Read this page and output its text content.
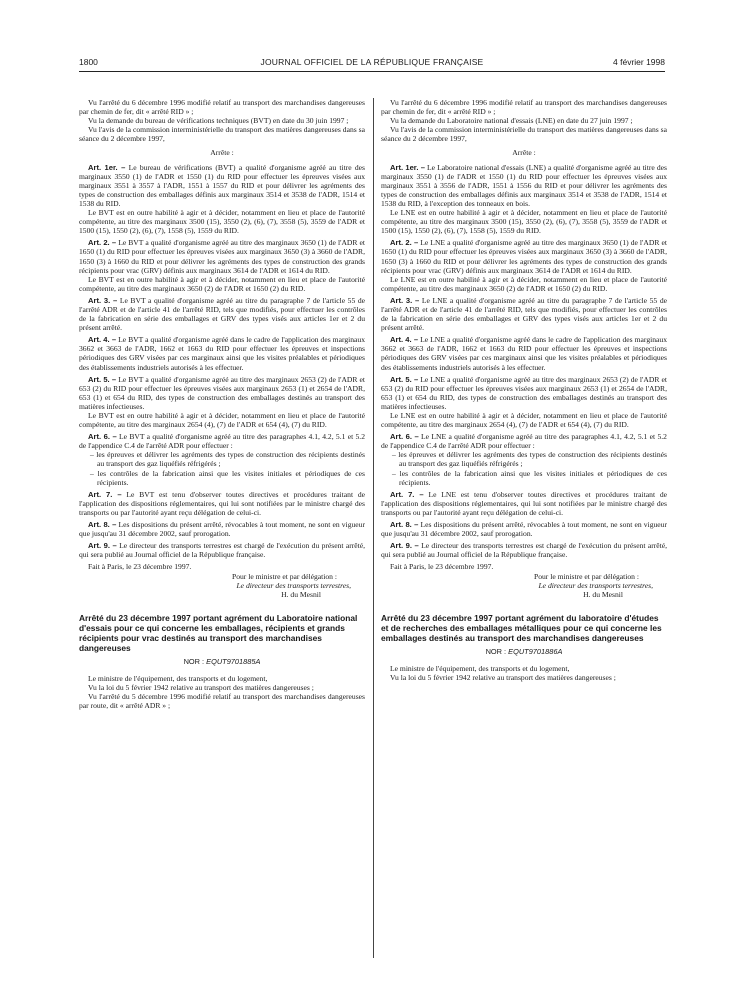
1800	JOURNAL OFFICIEL DE LA RÉPUBLIQUE FRANÇAISE	4 février 1998

Vu l'arrêté du 6 décembre 1996 modifié relatif au transport des marchandises dangereuses par chemin de fer, dit « arrêté RID » ;

Vu la demande du bureau de vérifications techniques (BVT) en date du 30 juin 1997 ;

Vu l'avis de la commission interministérielle du transport des matières dangereuses dans sa séance du 2 décembre 1997,

Arrête :

Art. 1er. – Le bureau de vérifications (BVT) a qualité d'organisme agréé au titre des marginaux 3550 (1) de l'ADR et 1550 (1) du RID pour effectuer les épreuves visées aux marginaux 3551 à 3557 à l'ADR, 1551 à 1557 du RID et pour délivrer les agréments des types de construction des emballages définis aux marginaux 3514 et 3538 de l'ADR, 1514 et 1538 du RID.

Le BVT est en outre habilité à agir et à décider, notamment en lieu et place de l'autorité compétente, au titre des marginaux 3500 (15), 3550 (2), (6), (7), 3558 (5), 3559 de l'ADR et 1500 (15), 1550 (2), (6), (7), 1558 (5), 1559 du RID.

Art. 2. – Le BVT a qualité d'organisme agréé au titre des marginaux 3650 (1) de l'ADR et 1650 (1) du RID pour effectuer les épreuves visées aux marginaux 3650 (3) à 3660 de l'ADR, 1650 (3) à 1660 du RID et pour délivrer les agréments des types de construction des grands récipients pour vrac (GRV) définis aux marginaux 3614 de l'ADR et 1614 du RID.

Le BVT est en outre habilité à agir et à décider, notamment en lieu et place de l'autorité compétente, au titre des marginaux 3650 (2) de l'ADR et 1650 (2) du RID.

Art. 3. – Le BVT a qualité d'organisme agréé au titre du paragraphe 7 de l'article 55 de l'arrêté ADR et de l'article 41 de l'arrêté RID, tels que modifiés, pour effectuer les contrôles de la fabrication en série des emballages et GRV des types visés aux articles 1er et 2 du présent arrêté.

Art. 4. – Le BVT a qualité d'organisme agréé dans le cadre de l'application des marginaux 3662 et 3663 de l'ADR, 1662 et 1663 du RID pour effectuer les épreuves et inspections périodiques des GRV visées par ces marginaux ainsi que les visites préalables et périodiques des établissements industriels autorisés à les effectuer.

Art. 5. – Le BVT a qualité d'organisme agréé au titre des marginaux 2653 (2) de l'ADR et 653 (2) du RID pour effectuer les épreuves visées aux marginaux 2653 (1) et 2654 de l'ADR, 653 (1) et 654 du RID, des types de construction des emballages destinés au transport des matières infectieuses.

Le BVT est en outre habilité à agir et à décider, notamment en lieu et place de l'autorité compétente, au titre des marginaux 2654 (4), (7) de l'ADR et 654 (4), (7) du RID.

Art. 6. – Le BVT a qualité d'organisme agréé au titre des paragraphes 4.1, 4.2, 5.1 et 5.2 de l'appendice C.4 de l'arrêté ADR pour effectuer :

– les épreuves et délivrer les agréments des types de construction des récipients destinés au transport des gaz liquéfiés réfrigérés ;
– les contrôles de la fabrication ainsi que les visites initiales et périodiques de ces récipients.

Art. 7. – Le BVT est tenu d'observer toutes directives et procédures traitant de l'application des dispositions réglementaires, qui lui sont notifiées par le ministre chargé des transports ou par l'autorité ayant reçu délégation de celui-ci.

Art. 8. – Les dispositions du présent arrêté, révocables à tout moment, ne sont en vigueur que jusqu'au 31 décembre 2002, sauf prorogation.

Art. 9. – Le directeur des transports terrestres est chargé de l'exécution du présent arrêté, qui sera publié au Journal officiel de la République française.

Fait à Paris, le 23 décembre 1997.

Pour le ministre et par délégation :

Le directeur des transports terrestres,

H. du Mesnil

Arrêté du 23 décembre 1997 portant agrément du Laboratoire national d'essais pour ce qui concerne les emballages, récipients et grands récipients pour vrac destinés au transport des marchandises dangereuses
NOR : EQUT9701885A

Le ministre de l'équipement, des transports et du logement,

Vu la loi du 5 février 1942 relative au transport des matières dangereuses ;

Vu l'arrêté du 5 décembre 1996 modifié relatif au transport des marchandises dangereuses par route, dit « arrêté ADR » ;

Vu l'arrêté du 6 décembre 1996 modifié relatif au transport des marchandises dangereuses par chemin de fer, dit « arrêté RID » ;

Vu la demande du Laboratoire national d'essais (LNE) en date du 27 juin 1997 ;

Vu l'avis de la commission interministérielle du transport des matières dangereuses dans sa séance du 2 décembre 1997,

Arrête :

Art. 1er. – Le Laboratoire national d'essais (LNE) a qualité d'organisme agréé au titre des marginaux 3550 (1) de l'ADR et 1550 (1) du RID pour effectuer les épreuves visées aux marginaux 3551 à 3556 de l'ADR, 1551 à 1556 du RID et pour délivrer les agréments des types de construction des emballages définis aux marginaux 3514 et 3538 de l'ADR, 1514 et 1538 du RID, à l'exception des tonneaux en bois.

Le LNE est en outre habilité à agir et à décider, notamment en lieu et place de l'autorité compétente, au titre des marginaux 3500 (15), 3550 (2), (6), (7), 3558 (5), 3559 de l'ADR et 1500 (15), 1550 (2), (6), (7), 1558 (5), 1559 du RID.

Art. 2. – Le LNE a qualité d'organisme agréé au titre des marginaux 3650 (1) de l'ADR et 1650 (1) du RID pour effectuer les épreuves visées aux marginaux 3650 (3) à 3660 de l'ADR, 1650 (3) à 1660 du RID et pour délivrer les agréments des types de construction des grands récipients pour vrac (GRV) définis aux marginaux 3614 de l'ADR et 1614 du RID.

Le LNE est en outre habilité à agir et à décider, notamment en lieu et place de l'autorité compétente, au titre des marginaux 3650 (2) de l'ADR et 1650 (2) du RID.

Art. 3. – Le LNE a qualité d'organisme agréé au titre du paragraphe 7 de l'article 55 de l'arrêté ADR et de l'article 41 de l'arrêté RID, tels que modifiés, pour effectuer les contrôles de la fabrication en série des emballages et GRV des types visés aux articles 1er et 2 du présent arrêté.

Art. 4. – Le LNE a qualité d'organisme agréé dans le cadre de l'application des marginaux 3662 et 3663 de l'ADR, 1662 et 1663 du RID pour effectuer les épreuves et inspections périodiques des GRV visées par ces marginaux ainsi que les visites préalables et périodiques des établissements industriels autorisés à les effectuer.

Art. 5. – Le LNE a qualité d'organisme agréé au titre des marginaux 2653 (2) de l'ADR et 653 (2) du RID pour effectuer les épreuves visées aux marginaux 2653 (1) et 2654 de l'ADR, 653 (1) et 654 du RID, des types de construction des emballages destinés au transport des matières infectieuses.

Le LNE est en outre habilité à agir et à décider, notamment en lieu et place de l'autorité compétente, au titre des marginaux 2654 (4), (7) de l'ADR et 654 (4), (7) du RID.

Art. 6. – Le LNE a qualité d'organisme agréé au titre des paragraphes 4.1, 4.2, 5.1 et 5.2 de l'appendice C.4 de l'arrêté ADR pour effectuer :

– les épreuves et délivrer les agréments des types de construction des récipients destinés au transport des gaz liquéfiés réfrigérés ;
– les contrôles de la fabrication ainsi que les visites initiales et périodiques de ces récipients.

Art. 7. – Le LNE est tenu d'observer toutes directives et procédures traitant de l'application des dispositions réglementaires, qui lui sont notifiées par le ministre chargé des transports ou par l'autorité ayant reçu délégation de celui-ci.

Art. 8. – Les dispositions du présent arrêté, révocables à tout moment, ne sont en vigueur que jusqu'au 31 décembre 2002, sauf prorogation.

Art. 9. – Le directeur des transports terrestres est chargé de l'exécution du présent arrêté, qui sera publié au Journal officiel de la République française.

Fait à Paris, le 23 décembre 1997.

Pour le ministre et par délégation :

Le directeur des transports terrestres,

H. du Mesnil

Arrêté du 23 décembre 1997 portant agrément du laboratoire d'études et de recherches des emballages métalliques pour ce qui concerne les emballages destinés au transport des marchandises dangereuses
NOR : EQUT9701886A

Le ministre de l'équipement, des transports et du logement,

Vu la loi du 5 février 1942 relative au transport des matières dangereuses ;
